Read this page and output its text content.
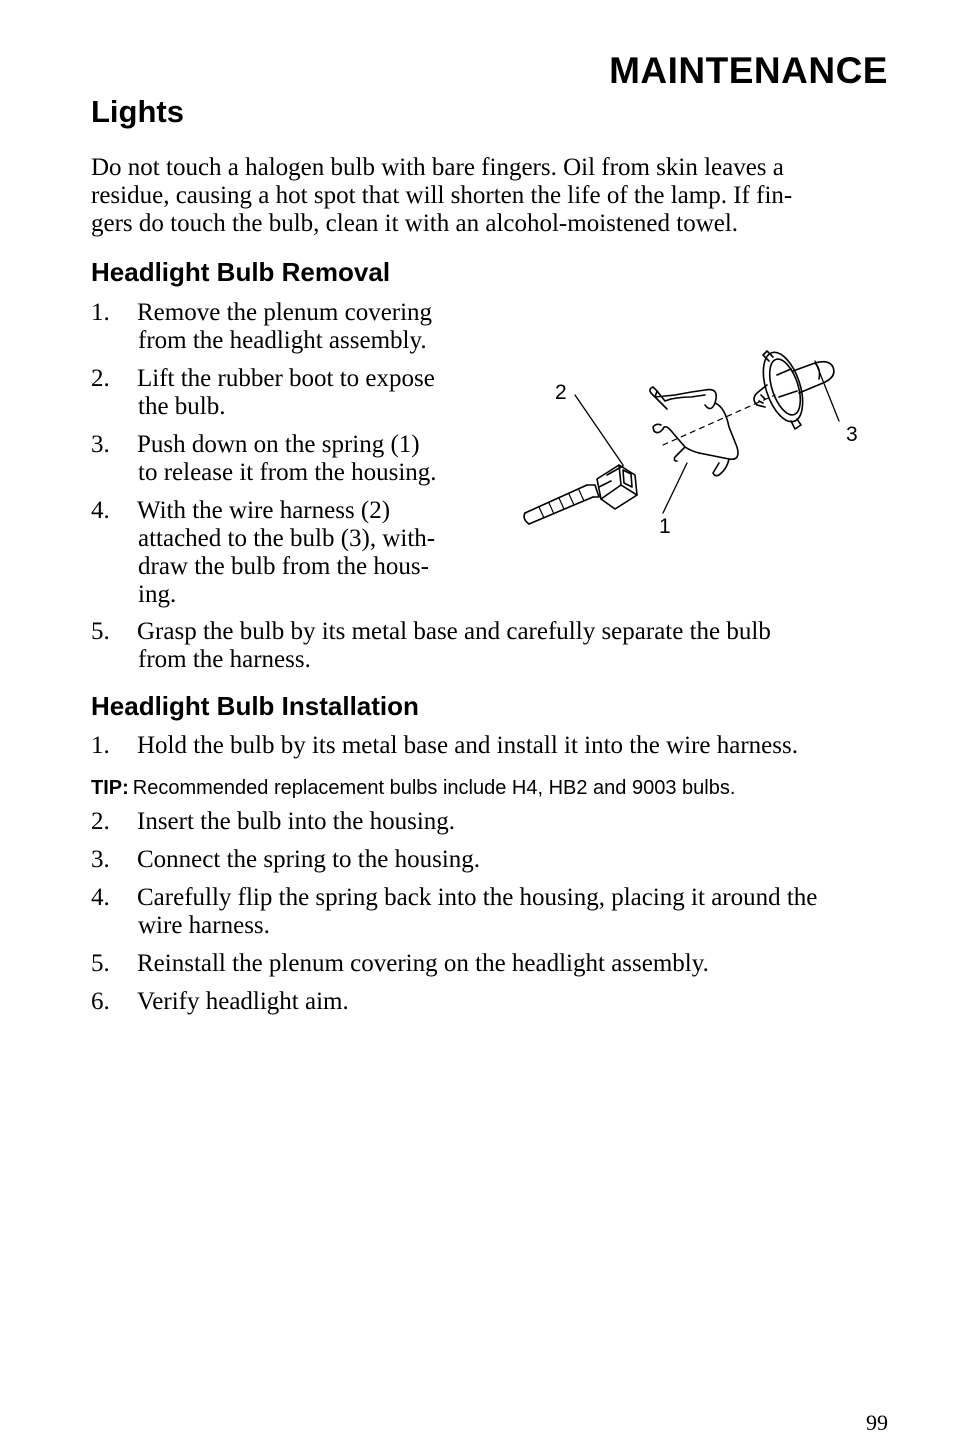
MAINTENANCE
Lights

Do not touch a halogen bulb with bare fingers. Oil from skin leaves a
residue, causing a hot spot that will shorten the life of the lamp. If fin-
gers do touch the bulb, clean it with an alcohol-moistened towel.

Headlight Bulb Removal
1. Remove the plenum covering
from the headlight assembly.
2. Lift the rubber boot to expose
the bulb.
3. Push down on the spring (1)
to release it from the housing.
4. With the wire harness (2)
attached to the bulb (3), with-
draw the bulb from the hous-
ing.
5. Grasp the bulb by its metal base and carefully separate the bulb
from the harness.
2
1
3
Headlight Bulb Installation
1. Hold the bulb by its metal base and install it into the wire harness.
TIP: Recommended replacement bulbs include H4, HB2 and 9003 bulbs.
2. Insert the bulb into the housing.
3. Connect the spring to the housing.
4. Carefully flip the spring back into the housing, placing it around the
wire harness.
5. Reinstall the plenum covering on the headlight assembly.
6. Verify headlight aim.
99
